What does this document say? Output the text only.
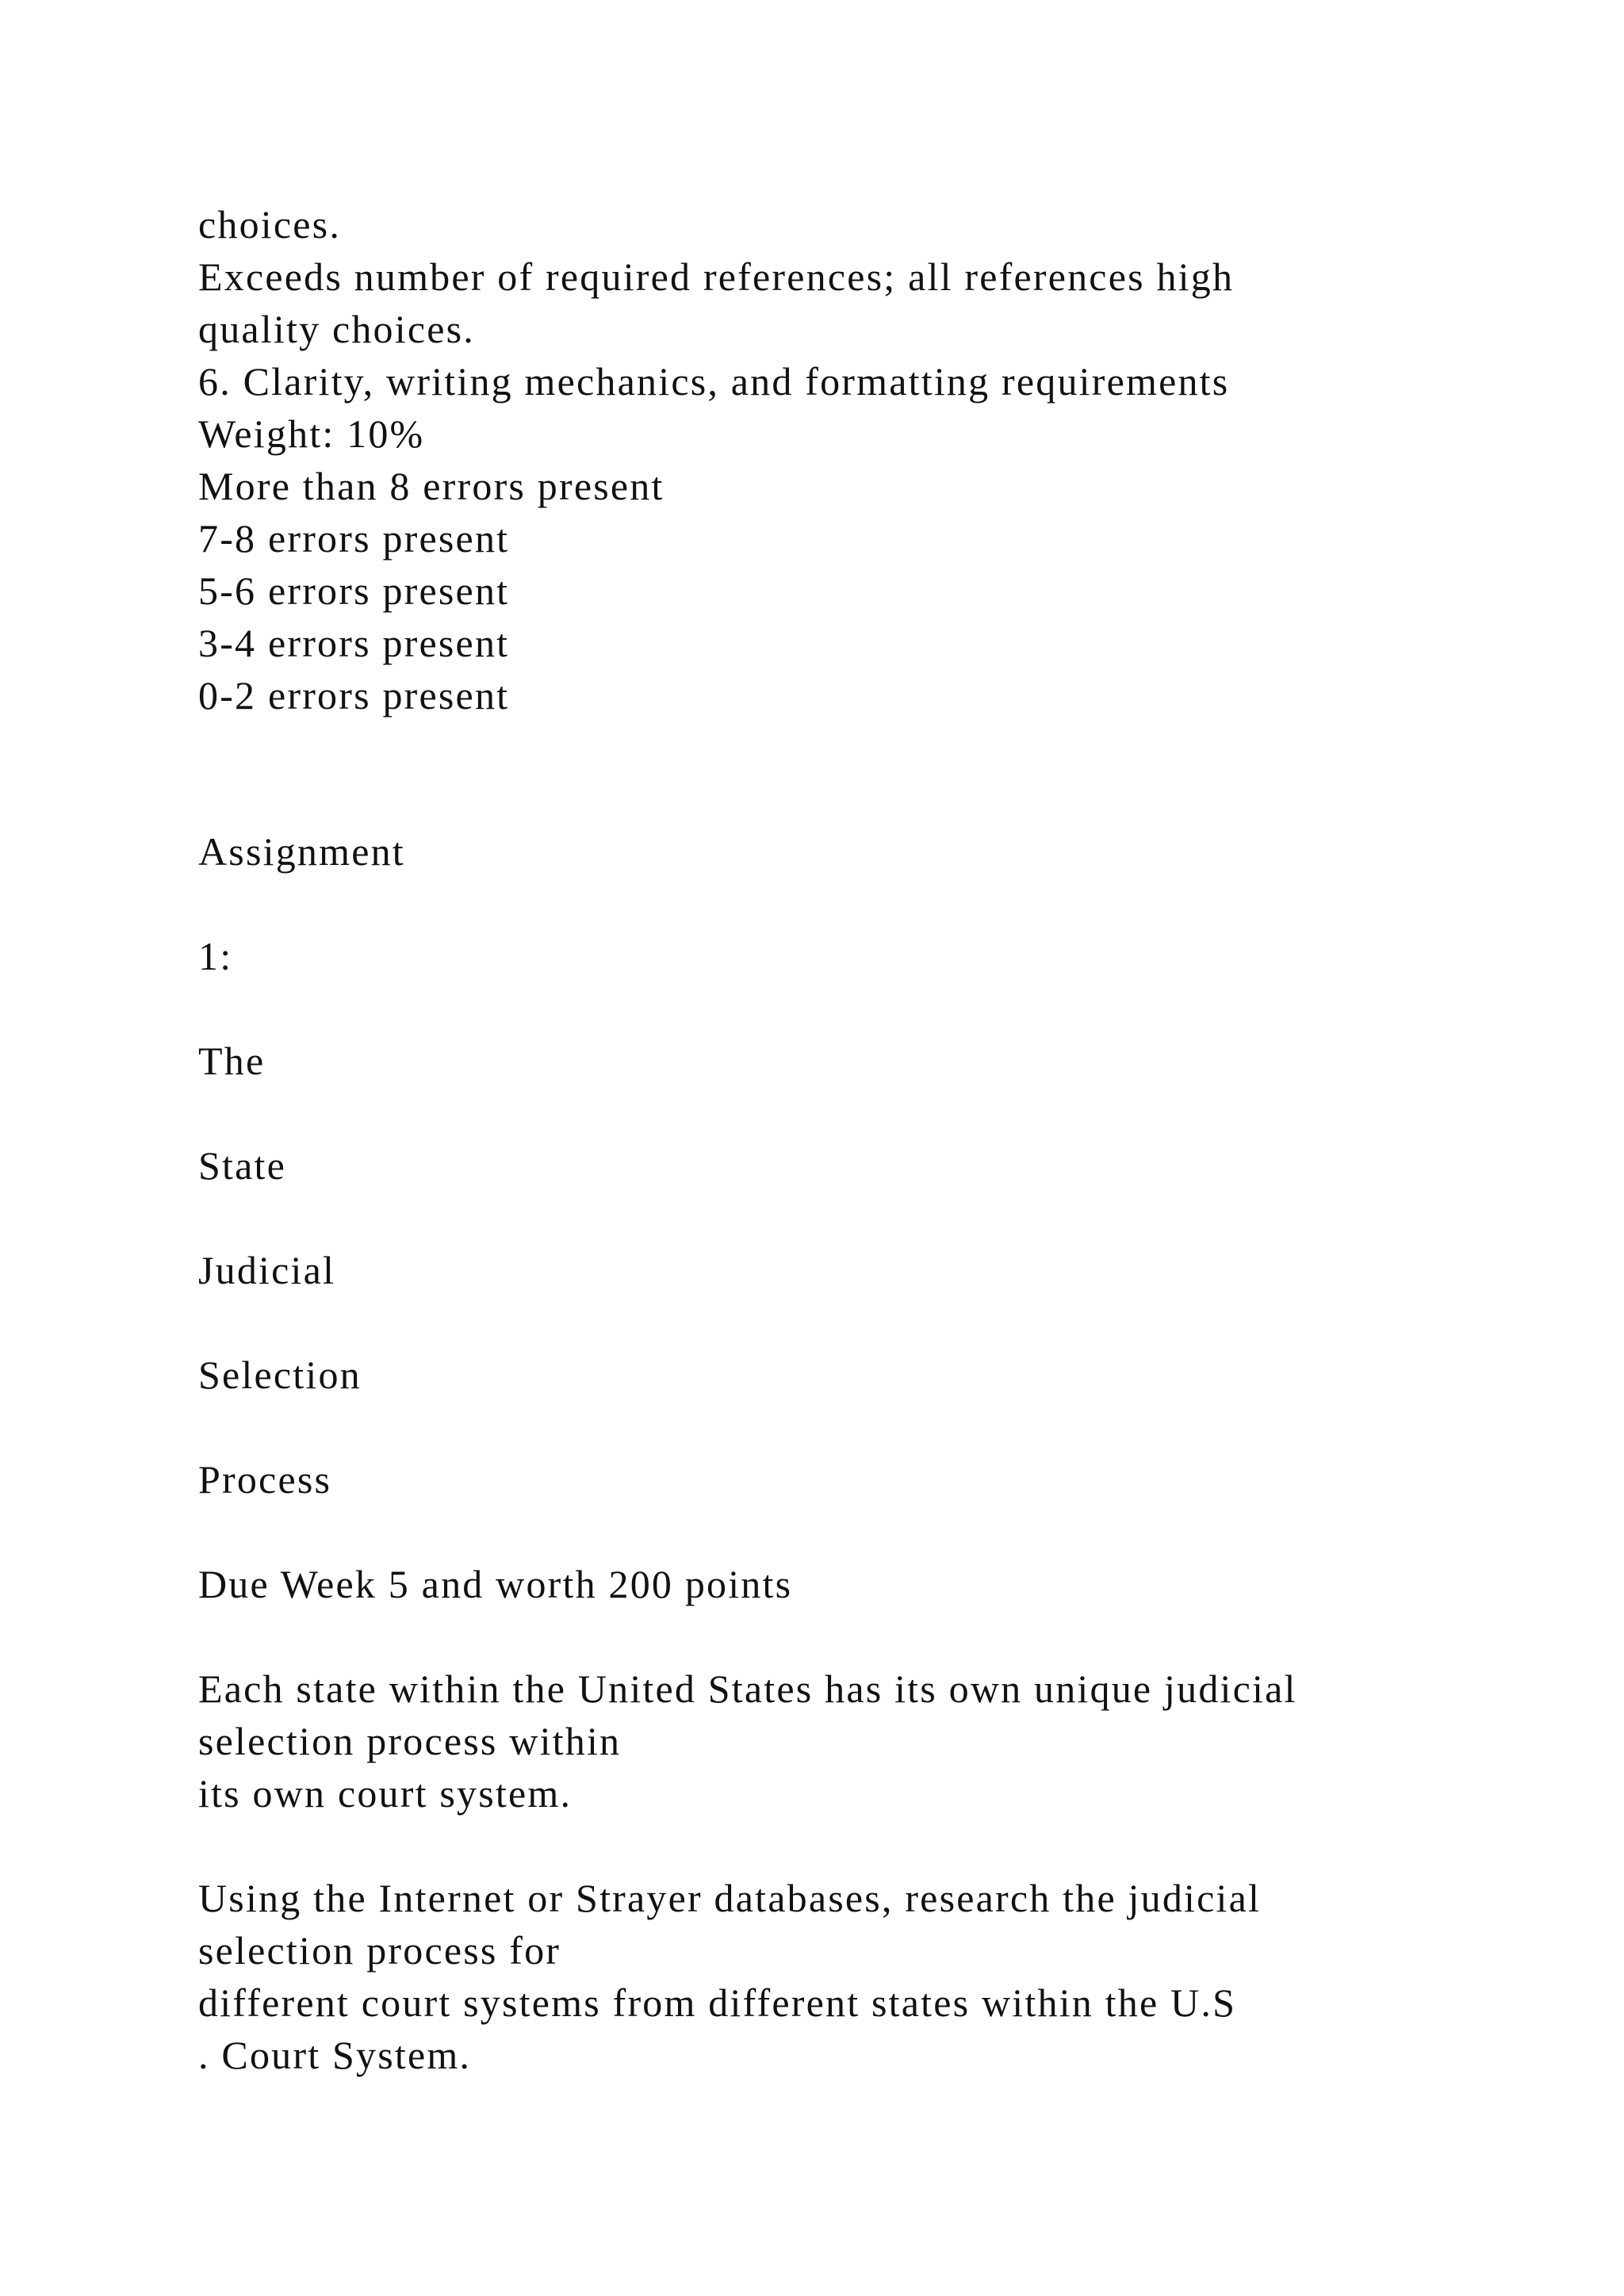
choices.
Exceeds number of required references; all references high
quality choices.
6. Clarity, writing mechanics, and formatting requirements
Weight: 10%
More than 8 errors present
7-8 errors present
5-6 errors present
3-4 errors present
0-2 errors present
Assignment
1:
The
State
Judicial
Selection
Process
Due Week 5 and worth 200 points
Each state within the United States has its own unique judicial
selection process within
its own court system.
Using the Internet or Strayer databases, research the judicial
selection process for
different court systems from different states within the U.S
. Court System.
